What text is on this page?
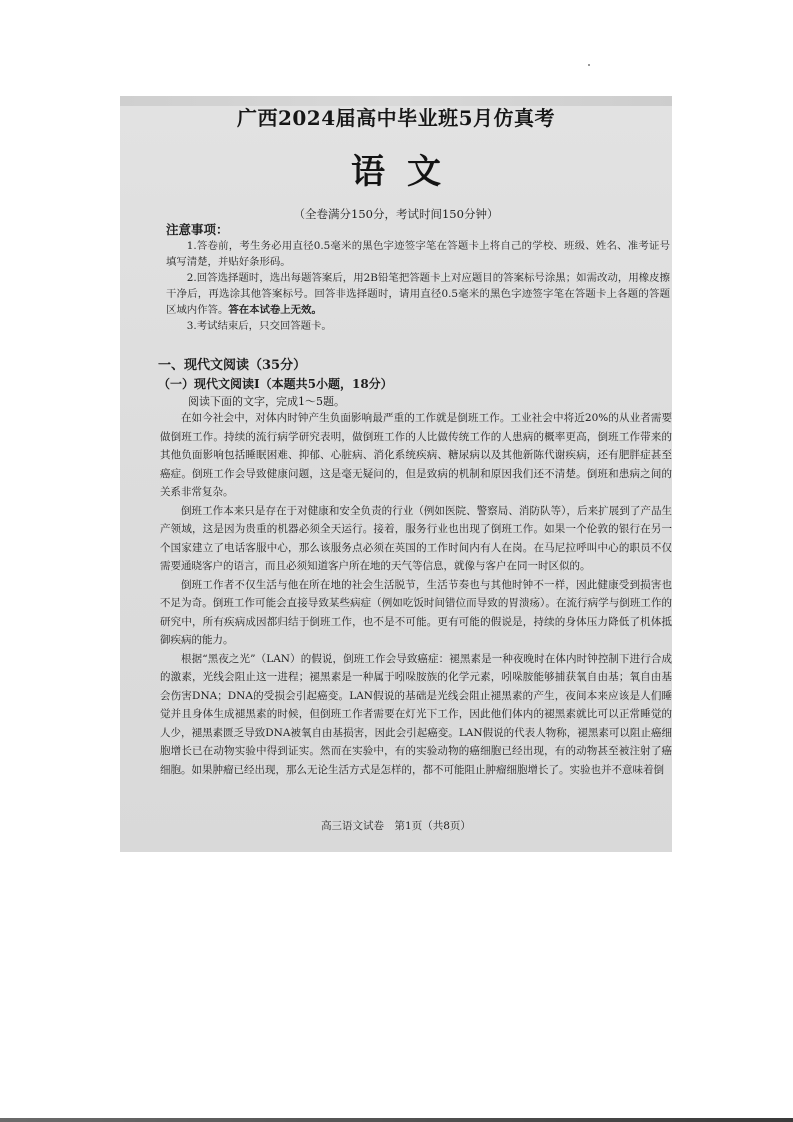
广西2024届高中毕业班5月仿真考
语文
（全卷满分150分，考试时间150分钟）
注意事项：

1.答卷前，考生务必用直径0.5毫米的黑色字迹签字笔在答题卡上将自己的学校、班级、姓名、准考证号填写清楚，并贴好条形码。

2.回答选择题时，选出每题答案后，用2B铅笔把答题卡上对应题目的答案标号涂黑；如需改动，用橡皮擦干净后，再选涂其他答案标号。回答非选择题时，请用直径0.5毫米的黑色字迹签字笔在答题卡上各题的答题区域内作答。答在本试卷上无效。

3.考试结束后，只交回答题卡。

一、现代文阅读（35分）
（一）现代文阅读Ⅰ（本题共5小题，18分）
阅读下面的文字，完成1～5题。

在如今社会中，对体内时钟产生负面影响最严重的工作就是倒班工作。工业社会中将近20%的从业者需要做倒班工作。持续的流行病学研究表明，做倒班工作的人比做传统工作的人患病的概率更高，倒班工作带来的其他负面影响包括睡眠困难、抑郁、心脏病、消化系统疾病、糖尿病以及其他新陈代谢疾病，还有肥胖症甚至癌症。倒班工作会导致健康问题，这是毫无疑问的，但是致病的机制和原因我们还不清楚。倒班和患病之间的关系非常复杂。

倒班工作本来只是存在于对健康和安全负责的行业（例如医院、警察局、消防队等），后来扩展到了产品生产领域，这是因为贵重的机器必须全天运行。接着，服务行业也出现了倒班工作。如果一个伦敦的银行在另一个国家建立了电话客服中心，那么该服务点必须在英国的工作时间内有人在岗。在马尼拉呼叫中心的职员不仅需要通晓客户的语言，而且必须知道客户所在地的天气等信息，就像与客户在同一时区似的。

倒班工作者不仅生活与他在所在地的社会生活脱节，生活节奏也与其他时钟不一样，因此健康受到损害也不足为奇。倒班工作可能会直接导致某些病症（例如吃饭时间错位而导致的胃溃疡）。在流行病学与倒班工作的研究中，所有疾病成因都归结于倒班工作，也不是不可能。更有可能的假说是，持续的身体压力降低了机体抵御疾病的能力。

根据“黑夜之光”（LAN）的假说，倒班工作会导致癌症：褪黑素是一种夜晚时在体内时钟控制下进行合成的激素，光线会阻止这一进程；褪黑素是一种属于吲哚胺族的化学元素，吲哚胺能够捕获氧自由基；氧自由基会伤害DNA；DNA的受损会引起癌变。LAN假说的基础是光线会阻止褪黑素的产生，夜间本来应该是人们睡觉并且身体生成褪黑素的时候，但倒班工作者需要在灯光下工作，因此他们体内的褪黑素就比可以正常睡觉的人少，褪黑素匮乏导致DNA被氧自由基损害，因此会引起癌变。LAN假说的代表人物称，褪黑素可以阻止癌细胞增长已在动物实验中得到证实。然而在实验中，有的实验动物的癌细胞已经出现，有的动物甚至被注射了癌细胞。如果肿瘤已经出现，那么无论生活方式是怎样的，都不可能阻止肿瘤细胞增长了。实验也并不意味着倒

高三语文试卷　第1页（共8页）
